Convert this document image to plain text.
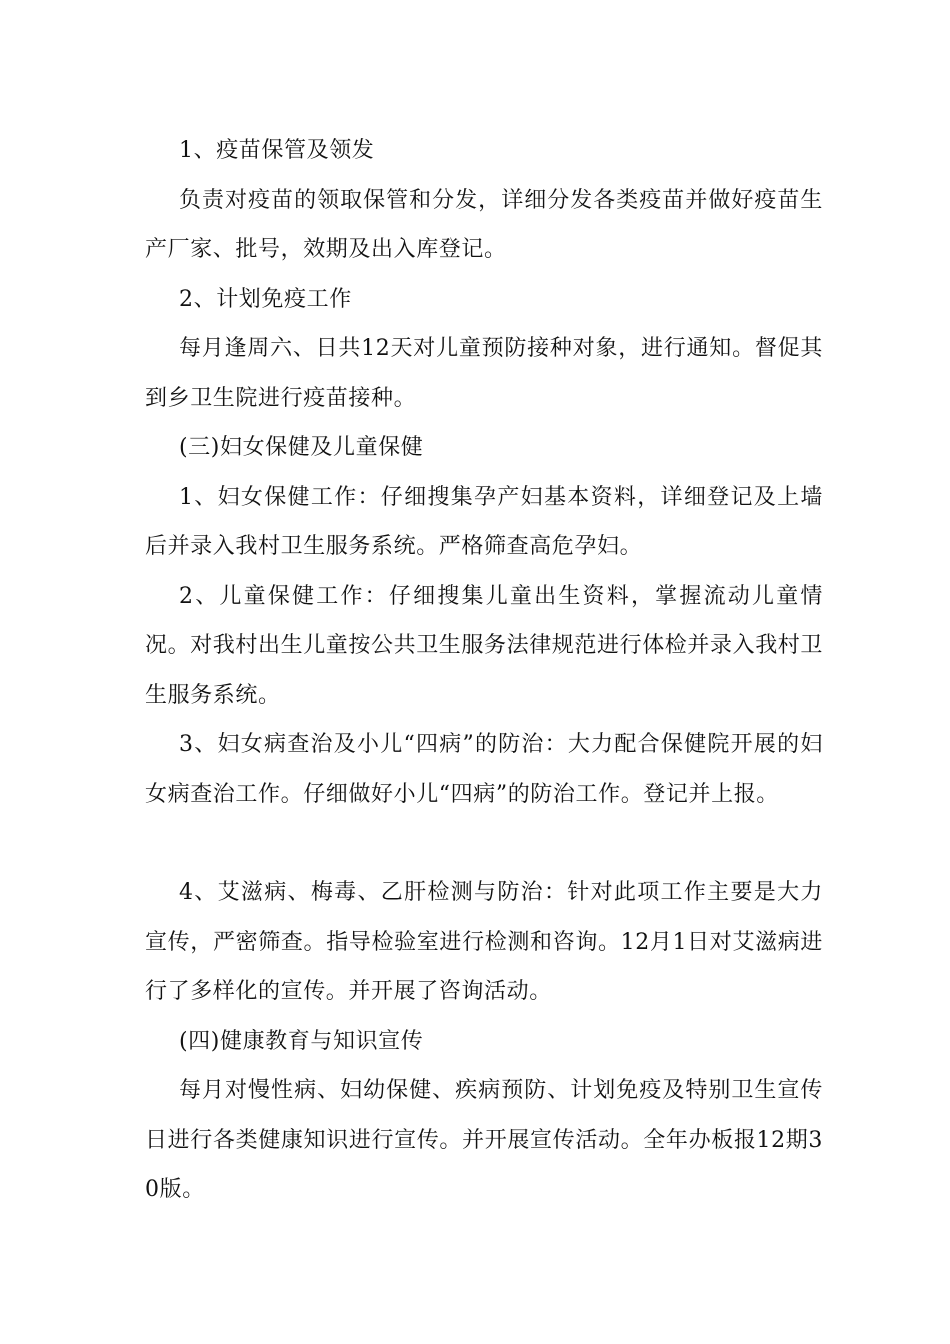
1、疫苗保管及领发

负责对疫苗的领取保管和分发，详细分发各类疫苗并做好疫苗生产厂家、批号，效期及出入库登记。

2、计划免疫工作

每月逢周六、日共12天对儿童预防接种对象，进行通知。督促其到乡卫生院进行疫苗接种。

(三)妇女保健及儿童保健

1、妇女保健工作：仔细搜集孕产妇基本资料，详细登记及上墙后并录入我村卫生服务系统。严格筛查高危孕妇。

2、儿童保健工作：仔细搜集儿童出生资料，掌握流动儿童情况。对我村出生儿童按公共卫生服务法律规范进行体检并录入我村卫生服务系统。

3、妇女病查治及小儿“四病”的防治：大力配合保健院开展的妇女病查治工作。仔细做好小儿“四病”的防治工作。登记并上报。

4、艾滋病、梅毒、乙肝检测与防治：针对此项工作主要是大力宣传，严密筛查。指导检验室进行检测和咨询。12月1日对艾滋病进行了多样化的宣传。并开展了咨询活动。

(四)健康教育与知识宣传

每月对慢性病、妇幼保健、疾病预防、计划免疫及特别卫生宣传日进行各类健康知识进行宣传。并开展宣传活动。全年办板报12期30版。
